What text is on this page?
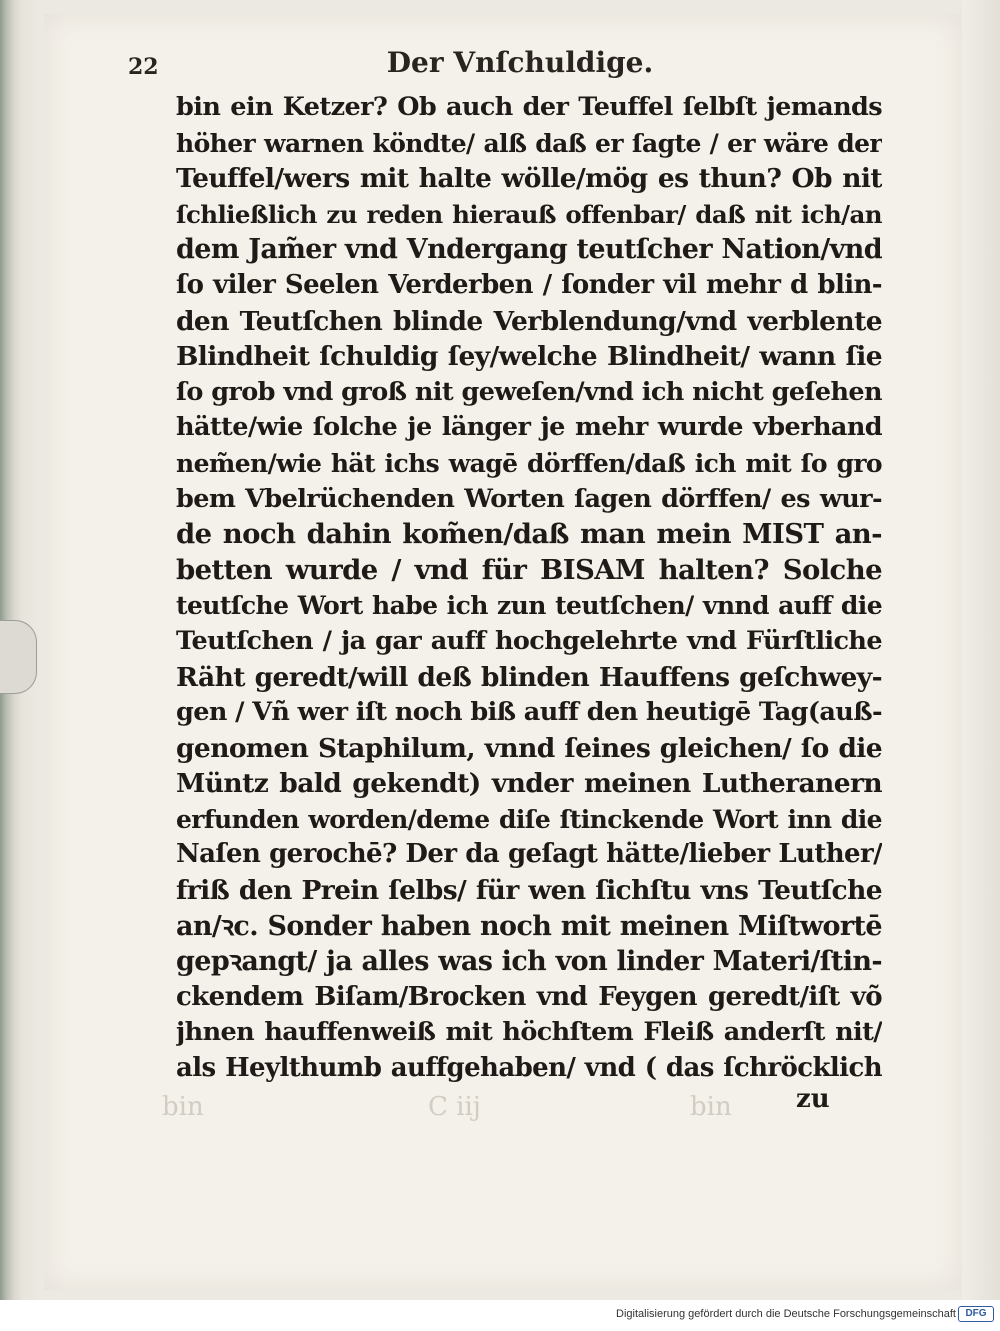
22	Der Vnſchuldige.
bin ein Ketzer? Ob auch der Teuffel ſelbſt jemands
höher warnen köndte/ alß daß er ſagte / er wäre der
Teuffel/wers mit halte wölle/mög es thun? Ob nit
ſchließlich zu reden hierauß offenbar/ daß nit ich/an
dem Jam̃er vnd Vndergang teutſcher Nation/vnd
ſo viler Seelen Verderben / ſonder vil mehr d blin-
den Teutſchen blinde Verblendung/vnd verblente
Blindheit ſchuldig ſey/welche Blindheit/ wann ſie
ſo grob vnd groß nit geweſen/vnd ich nicht geſehen
hätte/wie ſolche je länger je mehr wurde vberhand
nem̃en/wie hät ichs wagē dörffen/daß ich mit ſo gro
bem Vbelrüchenden Worten ſagen dörffen/ es wur-
de noch dahin kom̃en/daß man mein MIST an-
betten wurde / vnd für BISAM halten? Solche
teutſche Wort habe ich zun teutſchen/ vnnd auff die
Teutſchen / ja gar auff hochgelehrte vnd Fürſtliche
Räht geredt/will deß blinden Hauffens geſchwey-
gen / Vñ wer iſt noch biß auff den heutigē Tag(auß-
genomen Staphilum, vnnd ſeines gleichen/ ſo die
Müntz bald gekendt) vnder meinen Lutheranern
erfunden worden/deme diſe ſtinckende Wort inn die
Naſen gerochē? Der da geſagt hätte/lieber Luther/
friß den Prein ſelbs/ für wen ſichſtu vns Teutſche
an/ꝛc. Sonder haben noch mit meinen Miſtwortē
gepꝛangt/ ja alles was ich von linder Materi/ſtin-
ckendem Biſam/Brocken vnd Feygen geredt/iſt võ
jhnen hauffenweiß mit höchſtem Fleiß anderſt nit/
als Heylthumb auffgehaben/ vnd ( das ſchröcklich
bin	C iij	bin zu
Digitalisierung gefördert durch die Deutsche Forschungsgemeinschaft DFG
